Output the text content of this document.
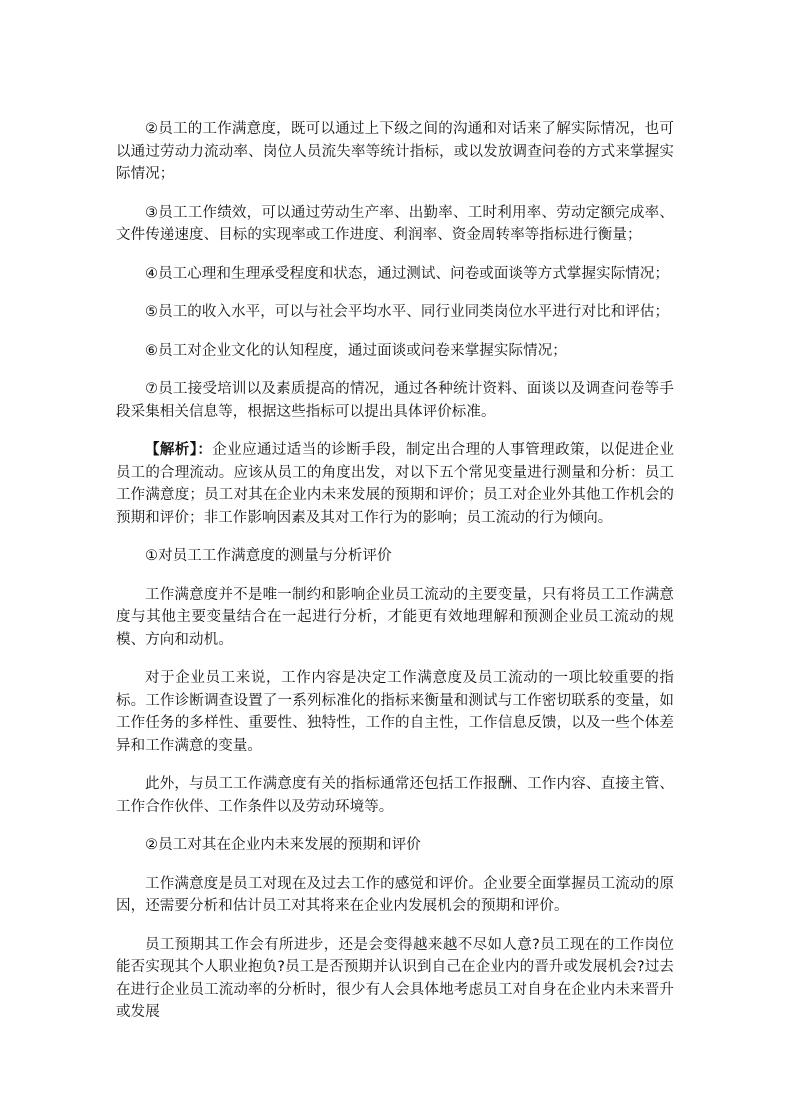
②员工的工作满意度，既可以通过上下级之间的沟通和对话来了解实际情况，也可以通过劳动力流动率、岗位人员流失率等统计指标，或以发放调查问卷的方式来掌握实际情况；

③员工工作绩效，可以通过劳动生产率、出勤率、工时利用率、劳动定额完成率、文件传递速度、目标的实现率或工作进度、利润率、资金周转率等指标进行衡量；

④员工心理和生理承受程度和状态，通过测试、问卷或面谈等方式掌握实际情况；

⑤员工的收入水平，可以与社会平均水平、同行业同类岗位水平进行对比和评估；

⑥员工对企业文化的认知程度，通过面谈或问卷来掌握实际情况；

⑦员工接受培训以及素质提高的情况，通过各种统计资料、面谈以及调查问卷等手段采集相关信息等，根据这些指标可以提出具体评价标准。

【解析】：企业应通过适当的诊断手段，制定出合理的人事管理政策，以促进企业员工的合理流动。应该从员工的角度出发，对以下五个常见变量进行测量和分析：员工工作满意度；员工对其在企业内未来发展的预期和评价；员工对企业外其他工作机会的预期和评价；非工作影响因素及其对工作行为的影响；员工流动的行为倾向。

①对员工工作满意度的测量与分析评价

工作满意度并不是唯一制约和影响企业员工流动的主要变量，只有将员工工作满意度与其他主要变量结合在一起进行分析，才能更有效地理解和预测企业员工流动的规模、方向和动机。

对于企业员工来说，工作内容是决定工作满意度及员工流动的一项比较重要的指标。工作诊断调查设置了一系列标准化的指标来衡量和测试与工作密切联系的变量，如工作任务的多样性、重要性、独特性，工作的自主性，工作信息反馈，以及一些个体差异和工作满意的变量。

此外，与员工工作满意度有关的指标通常还包括工作报酬、工作内容、直接主管、工作合作伙伴、工作条件以及劳动环境等。

②员工对其在企业内未来发展的预期和评价

工作满意度是员工对现在及过去工作的感觉和评价。企业要全面掌握员工流动的原因，还需要分析和估计员工对其将来在企业内发展机会的预期和评价。

员工预期其工作会有所进步，还是会变得越来越不尽如人意?员工现在的工作岗位能否实现其个人职业抱负?员工是否预期并认识到自己在企业内的晋升或发展机会?过去在进行企业员工流动率的分析时，很少有人会具体地考虑员工对自身在企业内未来晋升或发展
